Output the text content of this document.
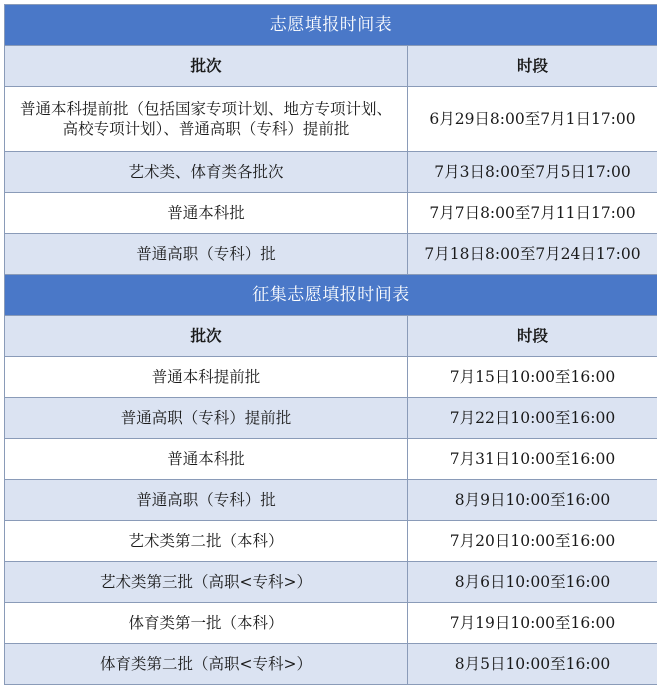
志愿填报时间表	
批次	时段
普通本科提前批（包括国家专项计划、地方专项计划、高校专项计划）、普通高职（专科）提前批	6月29日8:00至7月1日17:00
艺术类、体育类各批次	7月3日8:00至7月5日17:00
普通本科批	7月7日8:00至7月11日17:00
普通高职（专科）批	7月18日8:00至7月24日17:00
征集志愿填报时间表	
批次	时段
普通本科提前批	7月15日10:00至16:00
普通高职（专科）提前批	7月22日10:00至16:00
普通本科批	7月31日10:00至16:00
普通高职（专科）批	8月9日10:00至16:00
艺术类第二批（本科）	7月20日10:00至16:00
艺术类第三批（高职<专科>）	8月6日10:00至16:00
体育类第一批（本科）	7月19日10:00至16:00
体育类第二批（高职<专科>）	8月5日10:00至16:00
